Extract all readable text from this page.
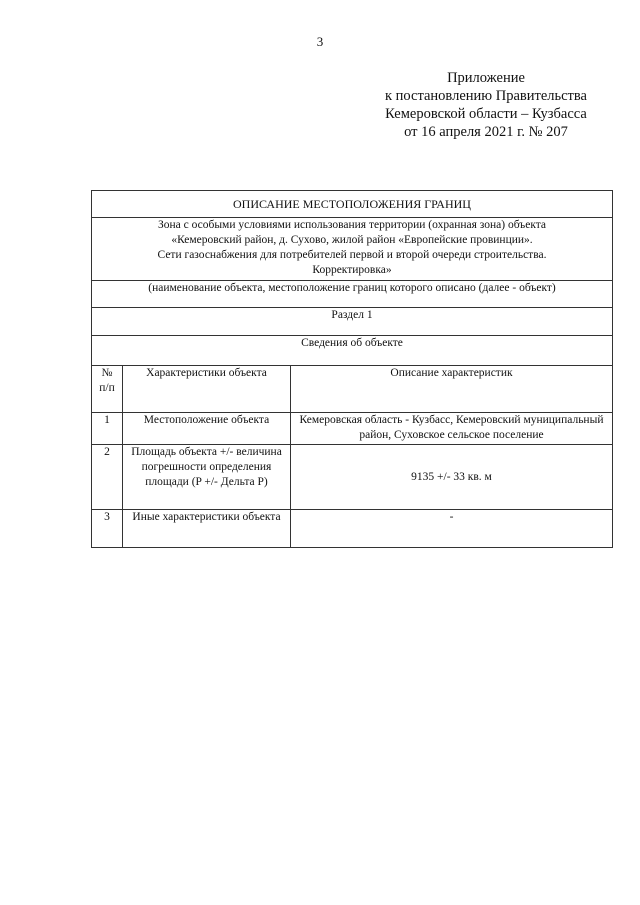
3
Приложение
к постановлению Правительства
Кемеровской области – Кузбасса
от 16 апреля 2021 г. № 207
ОПИСАНИЕ МЕСТОПОЛОЖЕНИЯ ГРАНИЦ		

Зона с особыми условиями использования территории (охранная зона) объекта
«Кемеровский район, д. Сухово, жилой район «Европейские провинции».
Сети газоснабжения для потребителей первой и второй очереди строительства.
Корректировка»		

(наименование объекта, местоположение границ которого описано (далее - объект)		
Раздел 1		
Сведения об объекте		
№ п/п	Характеристики объекта	Описание характеристик
1	Местоположение объекта	Кемеровская область - Кузбасс, Кемеровский муниципальный район, Суховское сельское поселение
2	Площадь объекта +/- величина погрешности определения площади (P +/- Дельта P)	9135 +/- 33 кв. м
3	Иные характеристики объекта	-
